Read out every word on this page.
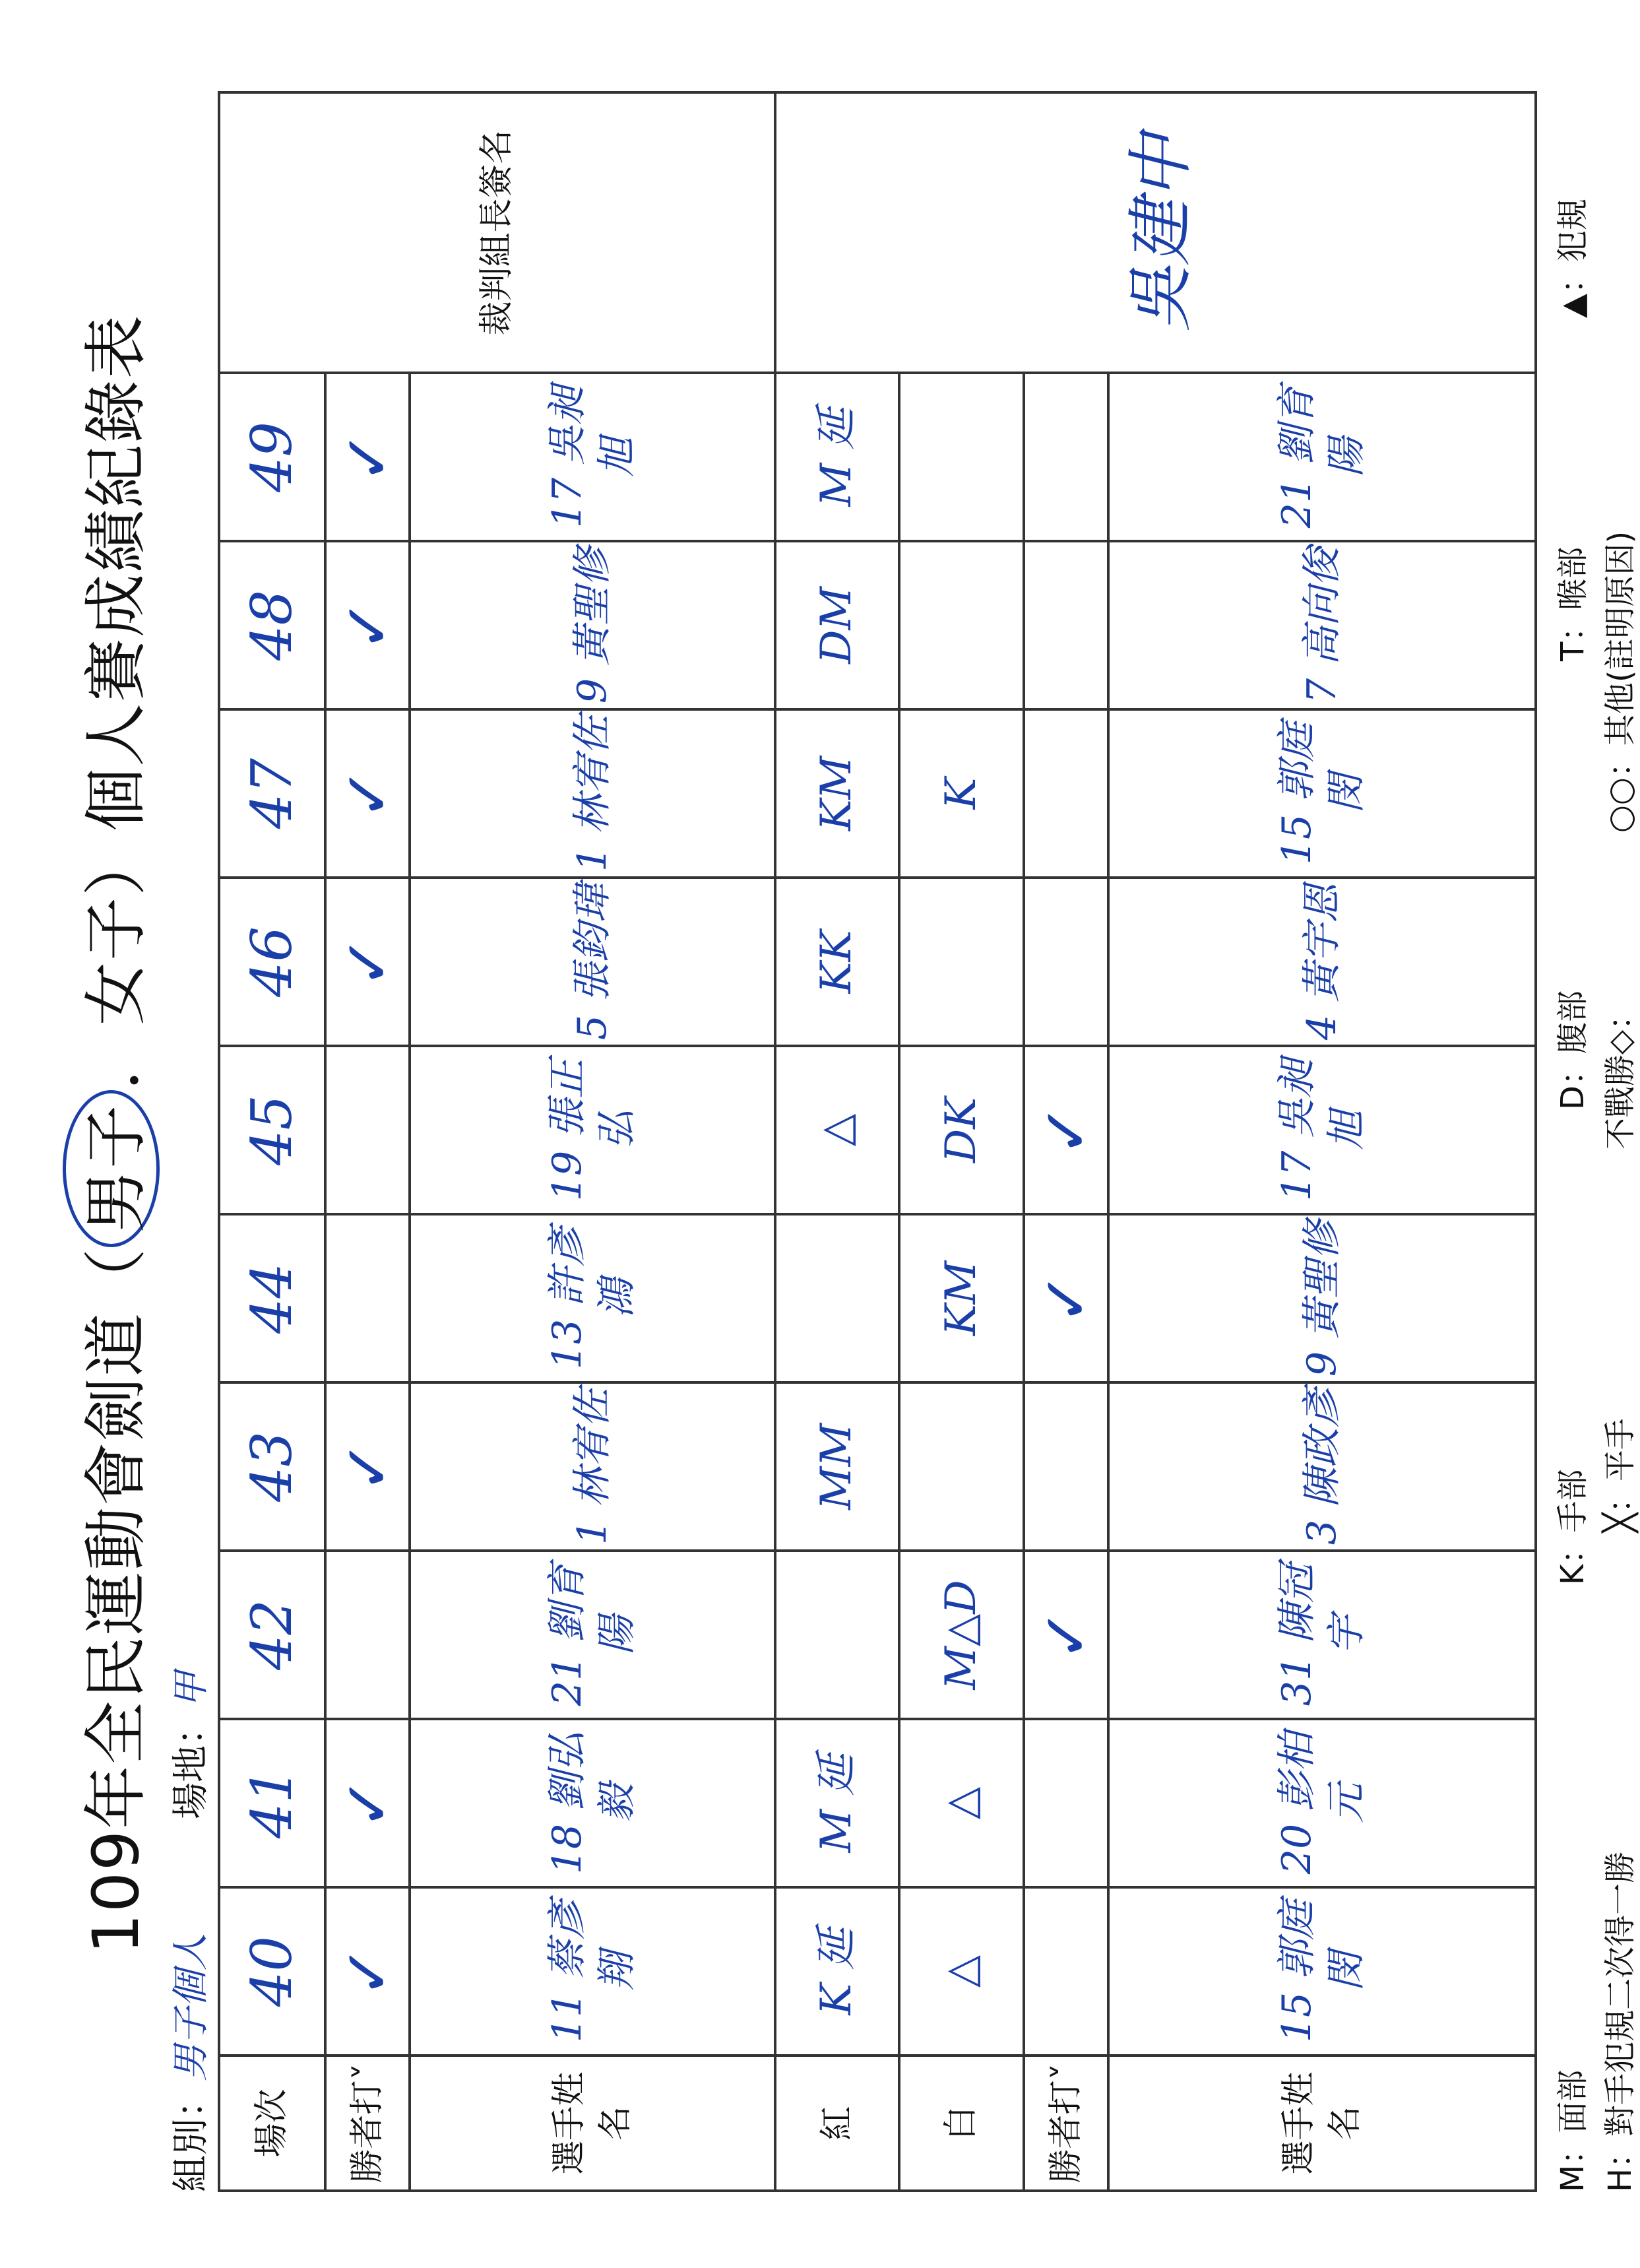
109年全民運動會劍道（男子．女子）個人賽成績紀錄表
組別：男子個人
場地：甲
場次	40	41	42	43	44	45	46	47	48	49	裁判組長簽名
勝者打˅	✓	✓		✓			✓	✓	✓	✓	
選手姓名	11 蔡彥翔	18 劉弘毅	21 劉育陽	1 林宥佐	13 許彥鴻	19 張正弘	5 張鈞瑋	1 林宥佐	9 黃聖修	17 吳昶旭	
紅	K 延	M 延		MM		△	KK	KM	DM	M 延	吳建中
白	△	△	M△D		KM	DK		K			
勝者打˅			✓		✓	✓					
選手姓名	15 郭庭閔	20 彭柏元	31 陳冠宇	3 陳政彥	9 黃聖修	17 吳昶旭	4 黃宇恩	15 郭庭閔	7 高向俊	21 劉育陽	
M：面部
K：手部
D：腹部
T：喉部
▲：犯規
H：對手犯規二次得一勝
╳：平手
不戰勝◇：
○○：其他(註明原因)
